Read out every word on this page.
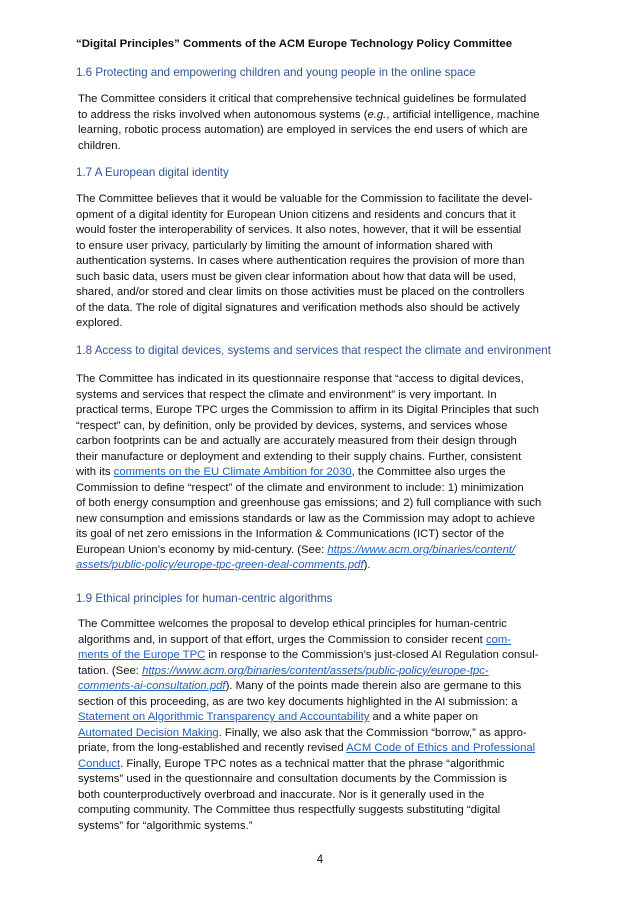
“Digital Principles” Comments of the ACM Europe Technology Policy Committee
1.6 Protecting and empowering children and young people in the online space
The Committee considers it critical that comprehensive technical guidelines be formulated
to address the risks involved when autonomous systems (e.g., artificial intelligence, machine
learning, robotic process automation) are employed in services the end users of which are
children.
1.7 A European digital identity
The Committee believes that it would be valuable for the Commission to facilitate the devel-
opment of a digital identity for European Union citizens and residents and concurs that it
would foster the interoperability of services. It also notes, however, that it will be essential
to ensure user privacy, particularly by limiting the amount of information shared with
authentication systems. In cases where authentication requires the provision of more than
such basic data, users must be given clear information about how that data will be used,
shared, and/or stored and clear limits on those activities must be placed on the controllers
of the data. The role of digital signatures and verification methods also should be actively
explored.
1.8 Access to digital devices, systems and services that respect the climate and environment
The Committee has indicated in its questionnaire response that “access to digital devices,
systems and services that respect the climate and environment” is very important. In
practical terms, Europe TPC urges the Commission to affirm in its Digital Principles that such
“respect” can, by definition, only be provided by devices, systems, and services whose
carbon footprints can be and actually are accurately measured from their design through
their manufacture or deployment and extending to their supply chains. Further, consistent
with its comments on the EU Climate Ambition for 2030, the Committee also urges the
Commission to define “respect” of the climate and environment to include: 1) minimization
of both energy consumption and greenhouse gas emissions; and 2) full compliance with such
new consumption and emissions standards or law as the Commission may adopt to achieve
its goal of net zero emissions in the Information & Communications (ICT) sector of the
European Union’s economy by mid-century. (See: https://www.acm.org/binaries/content/
assets/public-policy/europe-tpc-green-deal-comments.pdf).
1.9 Ethical principles for human-centric algorithms
The Committee welcomes the proposal to develop ethical principles for human-centric
algorithms and, in support of that effort, urges the Commission to consider recent com-
ments of the Europe TPC in response to the Commission’s just-closed AI Regulation consul-
tation. (See: https://www.acm.org/binaries/content/assets/public-policy/europe-tpc-
comments-ai-consultation.pdf). Many of the points made therein also are germane to this
section of this proceeding, as are two key documents highlighted in the AI submission: a
Statement on Algorithmic Transparency and Accountability and a white paper on
Automated Decision Making. Finally, we also ask that the Commission “borrow,” as appro-
priate, from the long-established and recently revised ACM Code of Ethics and Professional
Conduct. Finally, Europe TPC notes as a technical matter that the phrase “algorithmic
systems” used in the questionnaire and consultation documents by the Commission is
both counterproductively overbroad and inaccurate. Nor is it generally used in the
computing community. The Committee thus respectfully suggests substituting “digital
systems” for “algorithmic systems.”
4
